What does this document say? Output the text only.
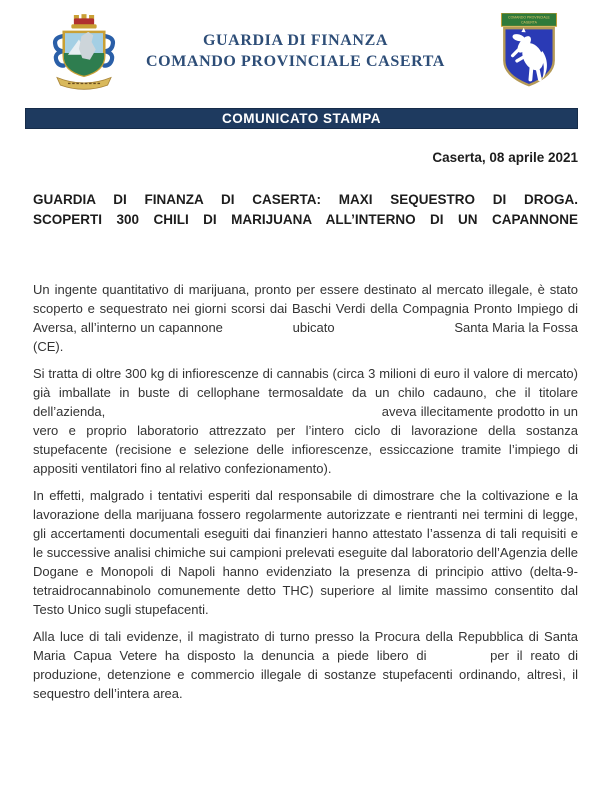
GUARDIA DI FINANZA
COMANDO PROVINCIALE CASERTA
COMANDO PROVINCIALE
CASERTA
COMUNICATO STAMPA
Caserta, 08 aprile 2021
GUARDIA DI FINANZA DI CASERTA: MAXI SEQUESTRO DI DROGA.
SCOPERTI 300 CHILI DI MARIJUANA ALL’INTERNO DI UN CAPANNONE

Un ingente quantitativo di marijuana, pronto per essere destinato al mercato illegale, è stato scoperto e sequestrato nei giorni scorsi dai Baschi Verdi della Compagnia Pronto Impiego di Aversa, all’interno un capannone	ubicato	Santa Maria la Fossa (CE).

Si tratta di oltre 300 kg di infiorescenze di cannabis (circa 3 milioni di euro il valore di mercato) già imballate in buste di cellophane termosaldate da un chilo cadauno, che il titolare dell’azienda,	aveva illecitamente prodotto in un vero e proprio laboratorio attrezzato per l’intero ciclo di lavorazione della sostanza stupefacente (recisione e selezione delle infiorescenze, essiccazione tramite l’impiego di appositi ventilatori fino al relativo confezionamento).

In effetti, malgrado i tentativi esperiti dal responsabile di dimostrare che la coltivazione e la lavorazione della marijuana fossero regolarmente autorizzate e rientranti nei termini di legge, gli accertamenti documentali eseguiti dai finanzieri hanno attestato l’assenza di tali requisiti e le successive analisi chimiche sui campioni prelevati eseguite dal laboratorio dell’Agenzia delle Dogane e Monopoli di Napoli hanno evidenziato la presenza di principio attivo (delta-9-tetraidrocannabinolo comunemente detto THC) superiore al limite massimo consentito dal Testo Unico sugli stupefacenti.

Alla luce di tali evidenze, il magistrato di turno presso la Procura della Repubblica di Santa Maria Capua Vetere ha disposto la denuncia a piede libero di	per il reato di produzione, detenzione e commercio illegale di sostanze stupefacenti ordinando, altresì, il sequestro dell’intera area.
